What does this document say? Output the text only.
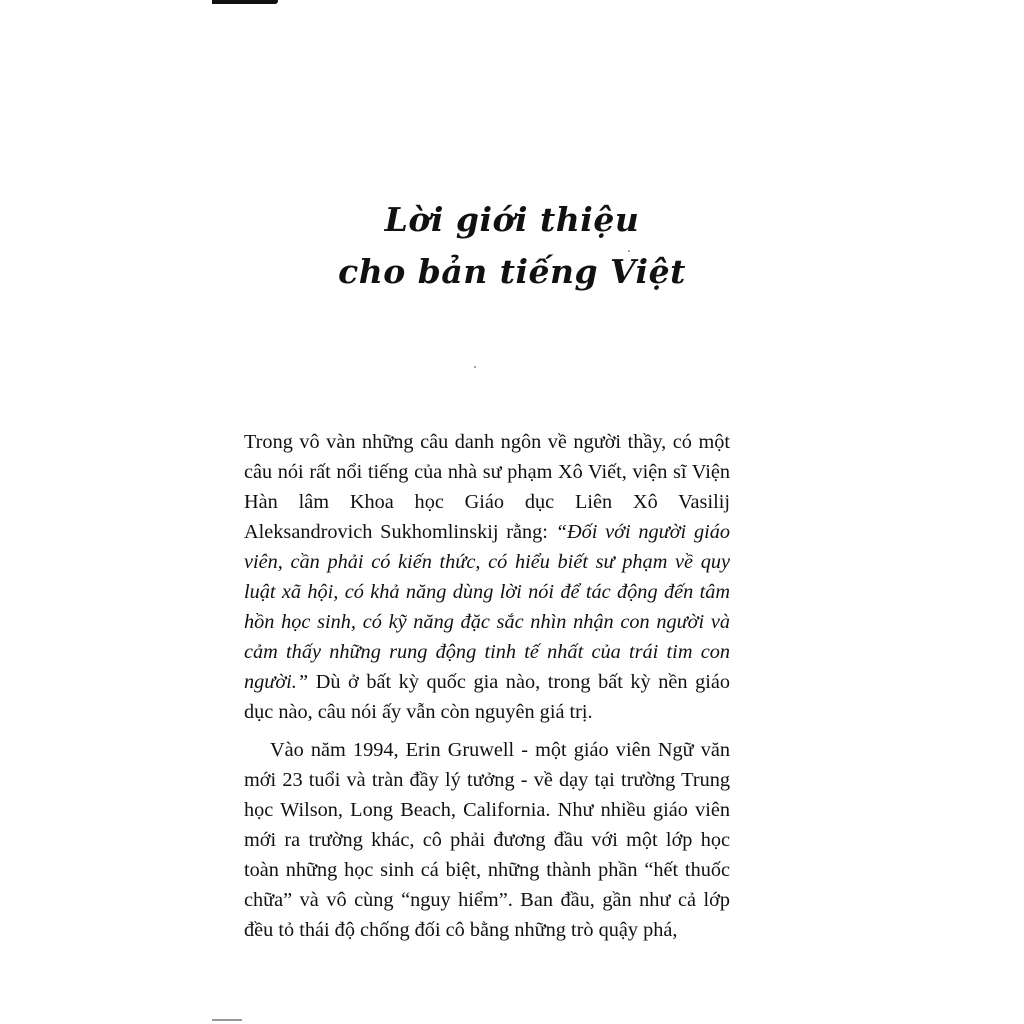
Lời giới thiệu
cho bản tiếng Việt

Trong vô vàn những câu danh ngôn về người thầy, có một câu nói rất nổi tiếng của nhà sư phạm Xô Viết, viện sĩ Viện Hàn lâm Khoa học Giáo dục Liên Xô Vasilij Aleksandrovich Sukhomlinskij rằng: “Đối với người giáo viên, cần phải có kiến thức, có hiểu biết sư phạm về quy luật xã hội, có khả năng dùng lời nói để tác động đến tâm hồn học sinh, có kỹ năng đặc sắc nhìn nhận con người và cảm thấy những rung động tinh tế nhất của trái tim con người.” Dù ở bất kỳ quốc gia nào, trong bất kỳ nền giáo dục nào, câu nói ấy vẫn còn nguyên giá trị.

Vào năm 1994, Erin Gruwell - một giáo viên Ngữ văn mới 23 tuổi và tràn đầy lý tưởng - về dạy tại trường Trung học Wilson, Long Beach, California. Như nhiều giáo viên mới ra trường khác, cô phải đương đầu với một lớp học toàn những học sinh cá biệt, những thành phần “hết thuốc chữa” và vô cùng “nguy hiểm”. Ban đầu, gần như cả lớp đều tỏ thái độ chống đối cô bằng những trò quậy phá,
